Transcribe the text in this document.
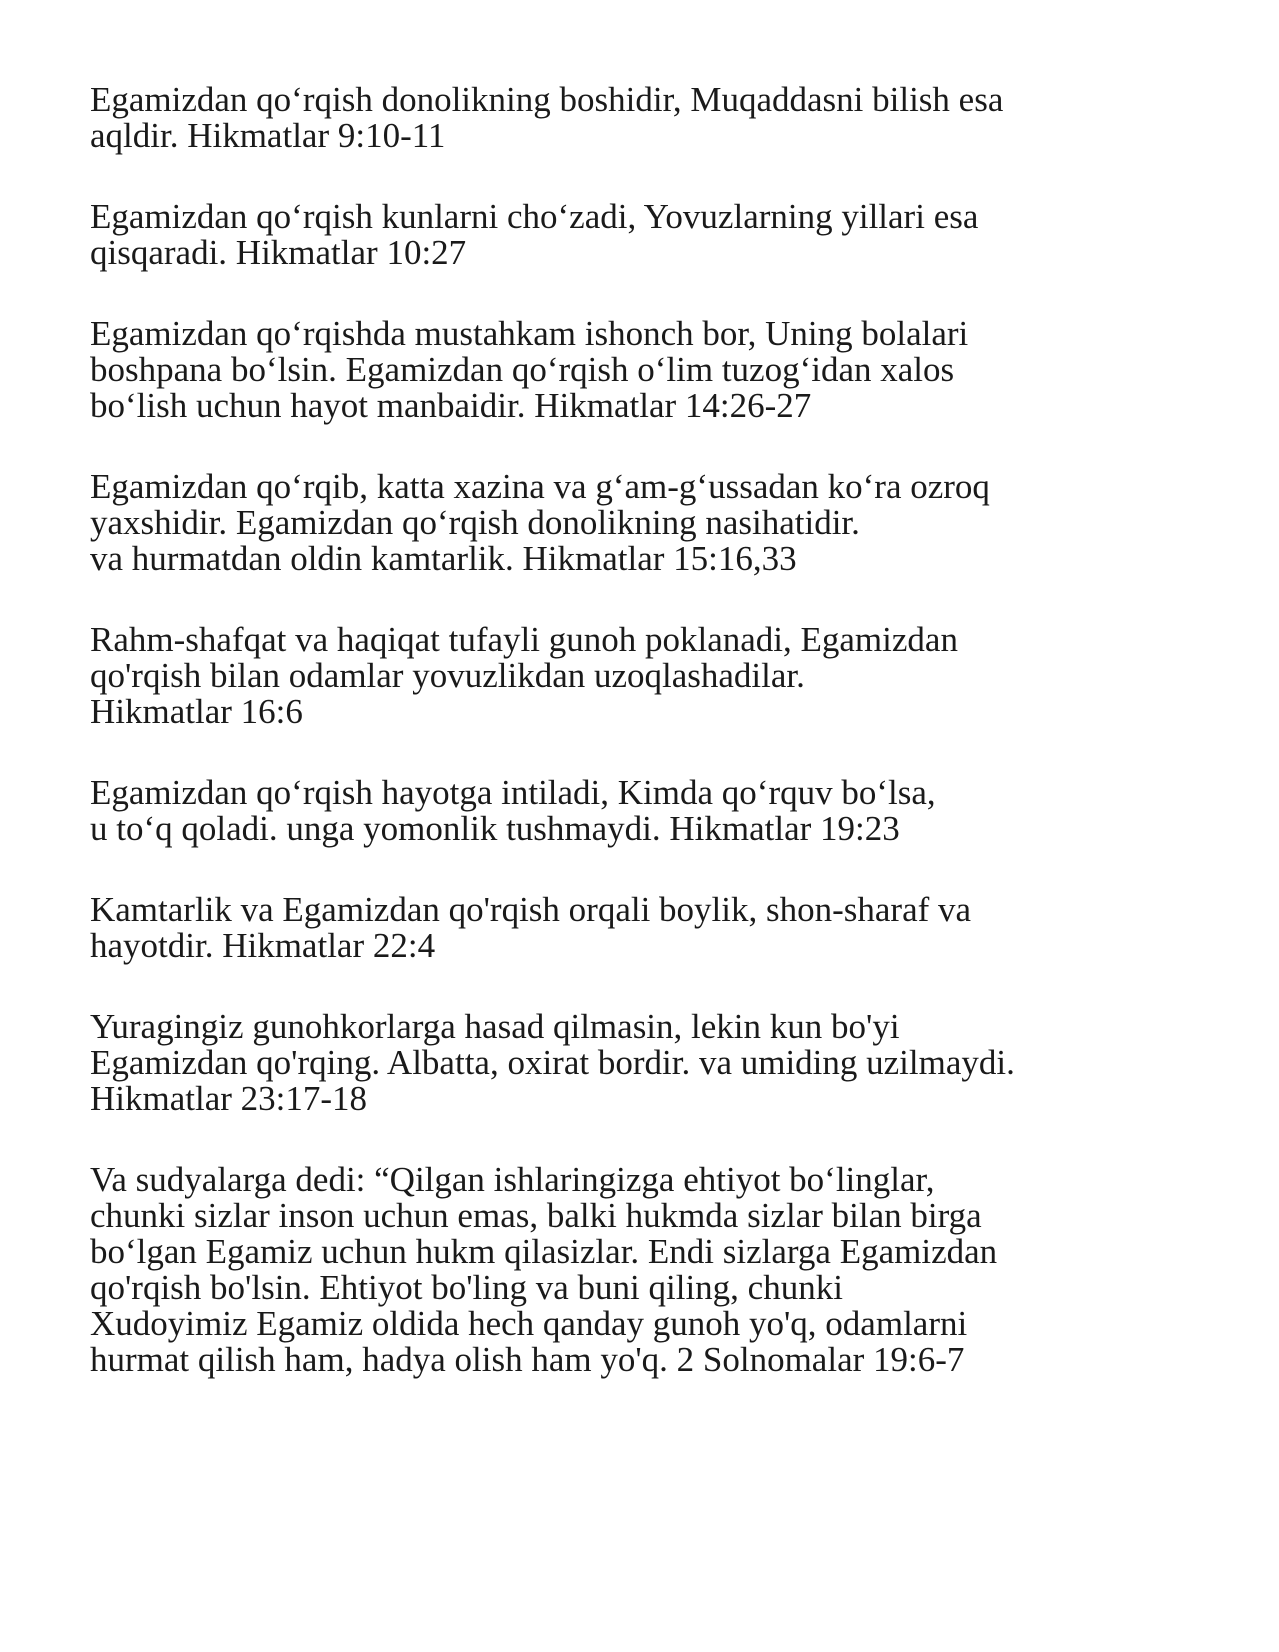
Egamizdan qo‘rqish donolikning boshidir, Muqaddasni bilish esa
aqldir. Hikmatlar 9:10-11

Egamizdan qo‘rqish kunlarni cho‘zadi, Yovuzlarning yillari esa
qisqaradi. Hikmatlar 10:27

Egamizdan qo‘rqishda mustahkam ishonch bor, Uning bolalari
boshpana bo‘lsin. Egamizdan qo‘rqish o‘lim tuzog‘idan xalos
bo‘lish uchun hayot manbaidir. Hikmatlar 14:26-27

Egamizdan qo‘rqib, katta xazina va g‘am-g‘ussadan ko‘ra ozroq
yaxshidir. Egamizdan qo‘rqish donolikning nasihatidir.
va hurmatdan oldin kamtarlik. Hikmatlar 15:16,33

Rahm-shafqat va haqiqat tufayli gunoh poklanadi, Egamizdan
qo'rqish bilan odamlar yovuzlikdan uzoqlashadilar.
Hikmatlar 16:6

Egamizdan qo‘rqish hayotga intiladi, Kimda qo‘rquv bo‘lsa,
u to‘q qoladi. unga yomonlik tushmaydi. Hikmatlar 19:23

Kamtarlik va Egamizdan qo'rqish orqali boylik, shon-sharaf va
hayotdir. Hikmatlar 22:4

Yuragingiz gunohkorlarga hasad qilmasin, lekin kun bo'yi
Egamizdan qo'rqing. Albatta, oxirat bordir. va umiding uzilmaydi.
Hikmatlar 23:17-18

Va sudyalarga dedi: “Qilgan ishlaringizga ehtiyot bo‘linglar,
chunki sizlar inson uchun emas, balki hukmda sizlar bilan birga
bo‘lgan Egamiz uchun hukm qilasizlar. Endi sizlarga Egamizdan
qo'rqish bo'lsin. Ehtiyot bo'ling va buni qiling, chunki
Xudoyimiz Egamiz oldida hech qanday gunoh yo'q, odamlarni
hurmat qilish ham, hadya olish ham yo'q. 2 Solnomalar 19:6-7
